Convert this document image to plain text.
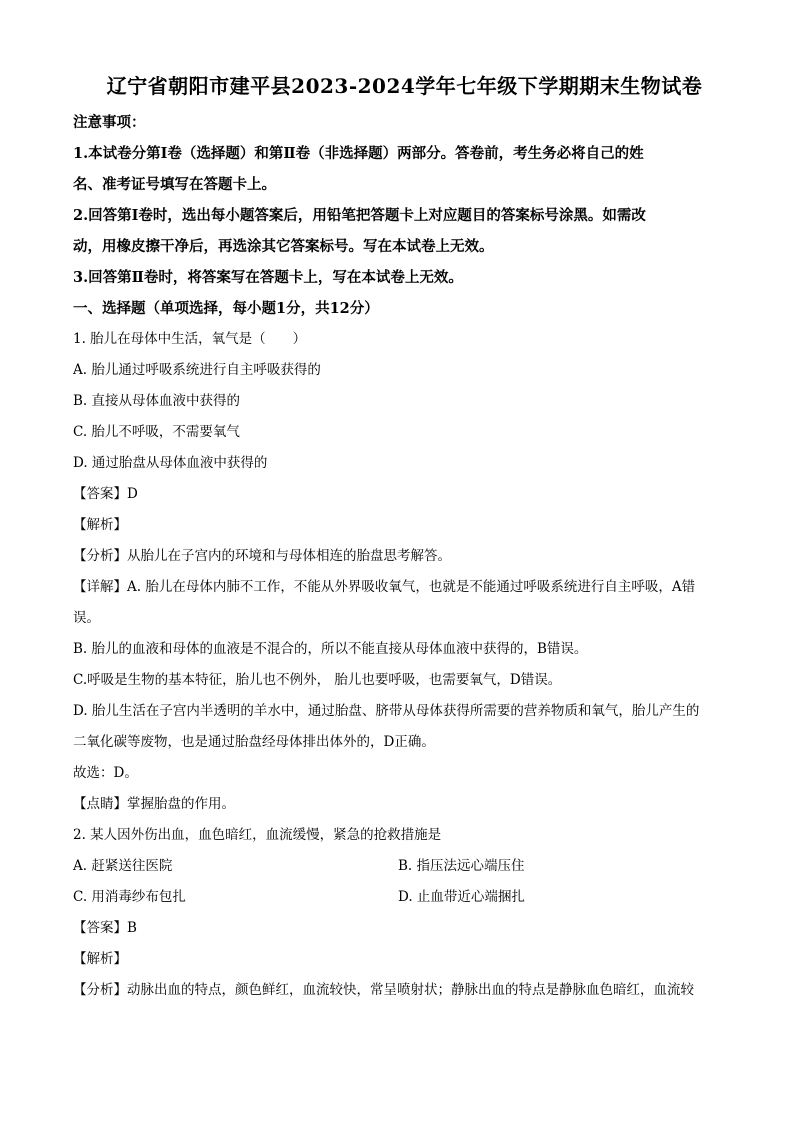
辽宁省朝阳市建平县2023-2024学年七年级下学期期末生物试卷
注意事项：
1.本试卷分第Ⅰ卷（选择题）和第Ⅱ卷（非选择题）两部分。答卷前，考生务必将自己的姓
名、准考证号填写在答题卡上。
2.回答第Ⅰ卷时，选出每小题答案后，用铅笔把答题卡上对应题目的答案标号涂黑。如需改
动，用橡皮擦干净后，再选涂其它答案标号。写在本试卷上无效。
3.回答第Ⅱ卷时，将答案写在答题卡上，写在本试卷上无效。
一、选择题（单项选择，每小题1分，共12分）
1. 胎儿在母体中生活，氧气是（　　）
A. 胎儿通过呼吸系统进行自主呼吸获得的
B. 直接从母体血液中获得的
C. 胎儿不呼吸，不需要氧气
D. 通过胎盘从母体血液中获得的
【答案】D
【解析】
【分析】从胎儿在子宫内的环境和与母体相连的胎盘思考解答。
【详解】A. 胎儿在母体内肺不工作，不能从外界吸收氧气，也就是不能通过呼吸系统进行自主呼吸，A错
误。
B. 胎儿的血液和母体的血液是不混合的，所以不能直接从母体血液中获得的，B错误。
C.呼吸是生物的基本特征，胎儿也不例外， 胎儿也要呼吸，也需要氧气，D错误。
D. 胎儿生活在子宫内半透明的羊水中，通过胎盘、脐带从母体获得所需要的营养物质和氧气，胎儿产生的
二氧化碳等废物，也是通过胎盘经母体排出体外的，D正确。
故选：D。
【点睛】掌握胎盘的作用。
2. 某人因外伤出血，血色暗红，血流缓慢，紧急的抢救措施是
A. 赶紧送往医院	B. 指压法远心端压住
C. 用消毒纱布包扎	D. 止血带近心端捆扎
【答案】B
【解析】
【分析】动脉出血的特点，颜色鲜红，血流较快，常呈喷射状；静脉出血的特点是静脉血色暗红，血流较
